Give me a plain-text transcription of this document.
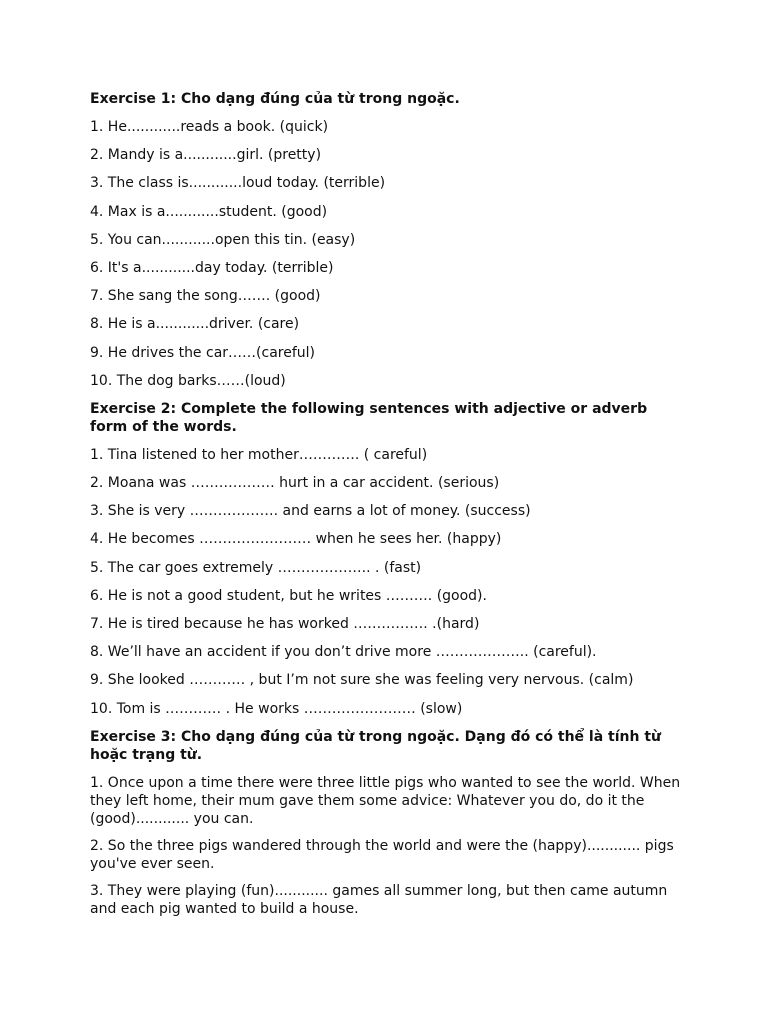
Exercise 1: Cho dạng đúng của từ trong ngoặc.
1. He............reads a book. (quick)
2. Mandy is a............girl. (pretty)
3. The class is............loud today. (terrible)
4. Max is a............student. (good)
5. You can............open this tin. (easy)
6. It's a............day today. (terrible)
7. She sang the song……. (good)
8. He is a............driver. (care)
9. He drives the car……(careful)
10. The dog barks……(loud)
Exercise 2: Complete the following sentences with adjective or adverb form of the words.
1. Tina listened to her mother…………. ( careful)
2. Moana was ……………… hurt in a car accident. (serious)
3. She is very ………………. and earns a lot of money. (success)
4. He becomes …………………… when he sees her. (happy)
5. The car goes extremely ……………….. . (fast)
6. He is not a good student, but he writes ………. (good).
7. He is tired because he has worked ……………. .(hard)
8. We’ll have an accident if you don’t drive more ……………….. (careful).
9. She looked ………… , but I’m not sure she was feeling very nervous. (calm)
10. Tom is ………… . He works …………………… (slow)
Exercise 3: Cho dạng đúng của từ trong ngoặc. Dạng đó có thể là tính từ hoặc trạng từ.
1. Once upon a time there were three little pigs who wanted to see the world. When they left home, their mum gave them some advice: Whatever you do, do it the (good)............ you can.
2. So the three pigs wandered through the world and were the (happy)............ pigs you've ever seen.
3. They were playing (fun)............ games all summer long, but then came autumn and each pig wanted to build a house.
